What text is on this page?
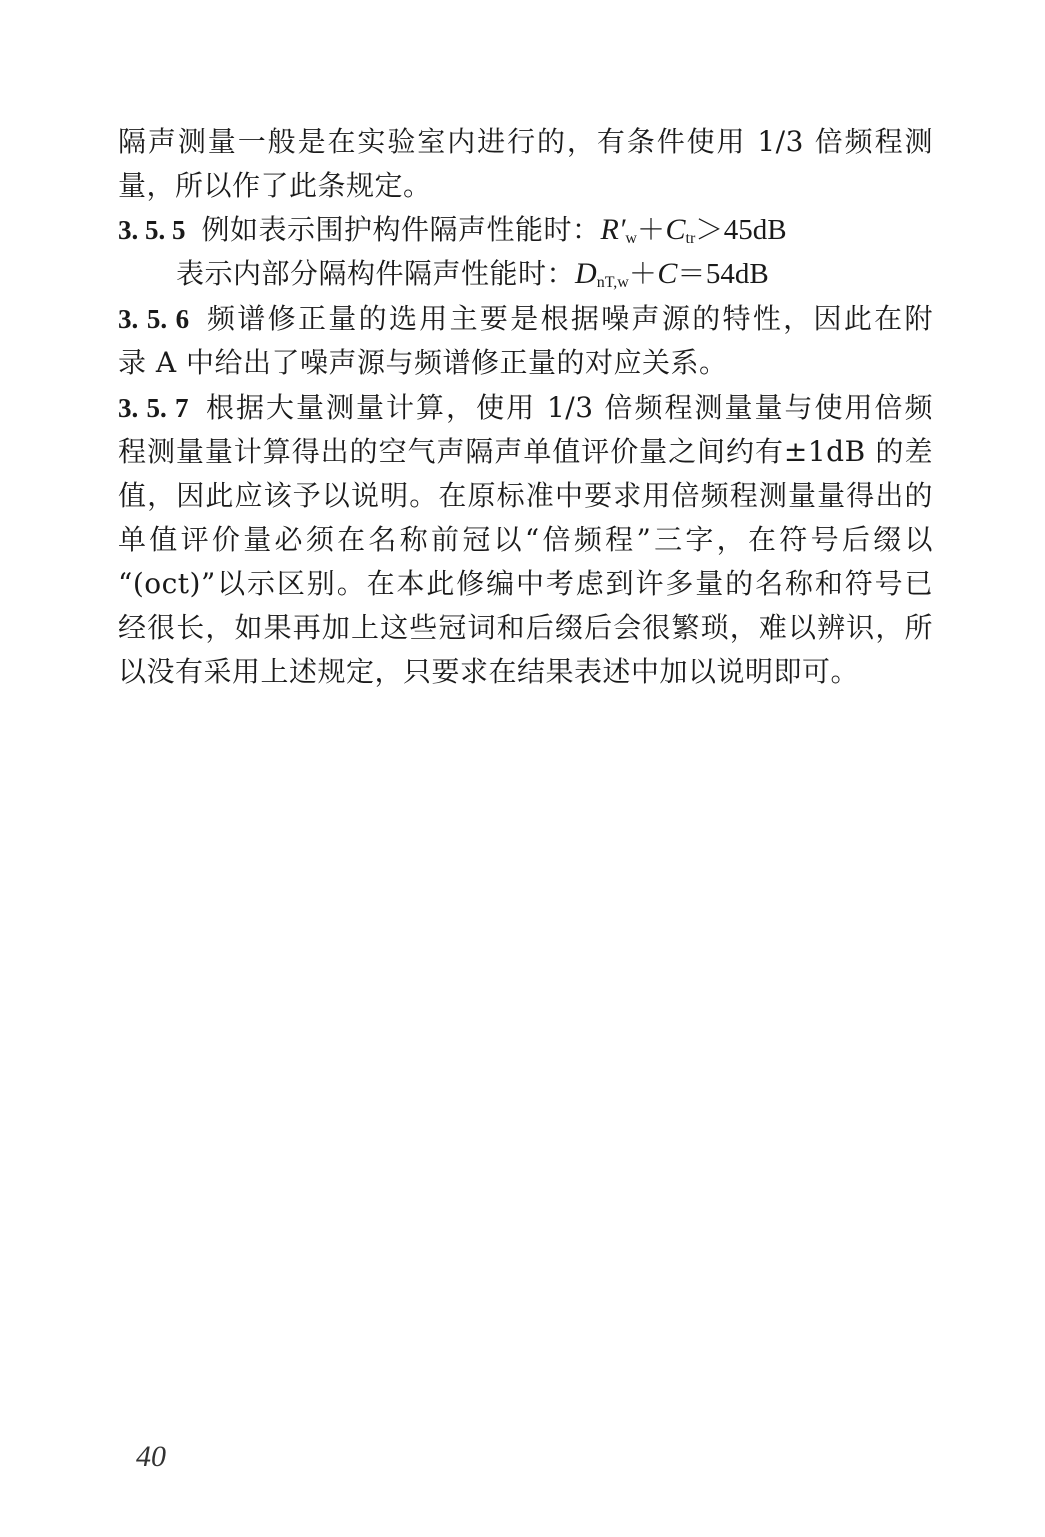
隔声测量一般是在实验室内进行的，有条件使用 1/3 倍频程测
量，所以作了此条规定。
3. 5. 5 例如表示围护构件隔声性能时：$R'_w+C_{tr}>45dB$
表示内部分隔构件隔声性能时：$D_{nT,w}+C=54dB$
3. 5. 6 频谱修正量的选用主要是根据噪声源的特性，因此在附
录 A 中给出了噪声源与频谱修正量的对应关系。
3. 5. 7 根据大量测量计算，使用 1/3 倍频程测量量与使用倍频
程测量量计算得出的空气声隔声单值评价量之间约有±1dB 的差
值，因此应该予以说明。在原标准中要求用倍频程测量量得出的
单值评价量必须在名称前冠以“倍频程”三字，在符号后缀以
“(oct)”以示区别。在本此修编中考虑到许多量的名称和符号已
经很长，如果再加上这些冠词和后缀后会很繁琐，难以辨识，所
以没有采用上述规定，只要求在结果表述中加以说明即可。
40
